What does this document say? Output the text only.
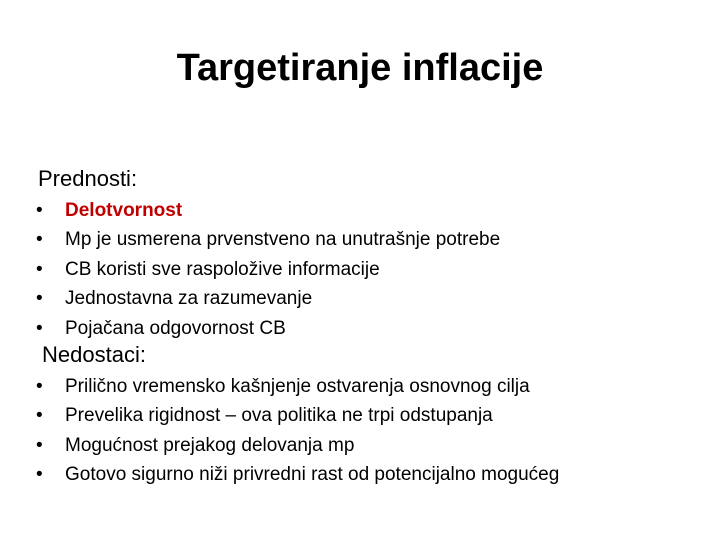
Targetiranje inflacije
Prednosti:
•	Delotvornost
•	Mp je usmerena prvenstveno na unutrašnje potrebe
•	CB koristi sve raspoložive informacije
•	Jednostavna za razumevanje
•	Pojačana odgovornost CB
Nedostaci:
•	Prilično vremensko kašnjenje ostvarenja osnovnog cilja
•	Prevelika rigidnost – ova politika ne trpi odstupanja
•	Mogućnost prejakog delovanja mp
•	Gotovo sigurno niži privredni rast od potencijalno mogućeg
